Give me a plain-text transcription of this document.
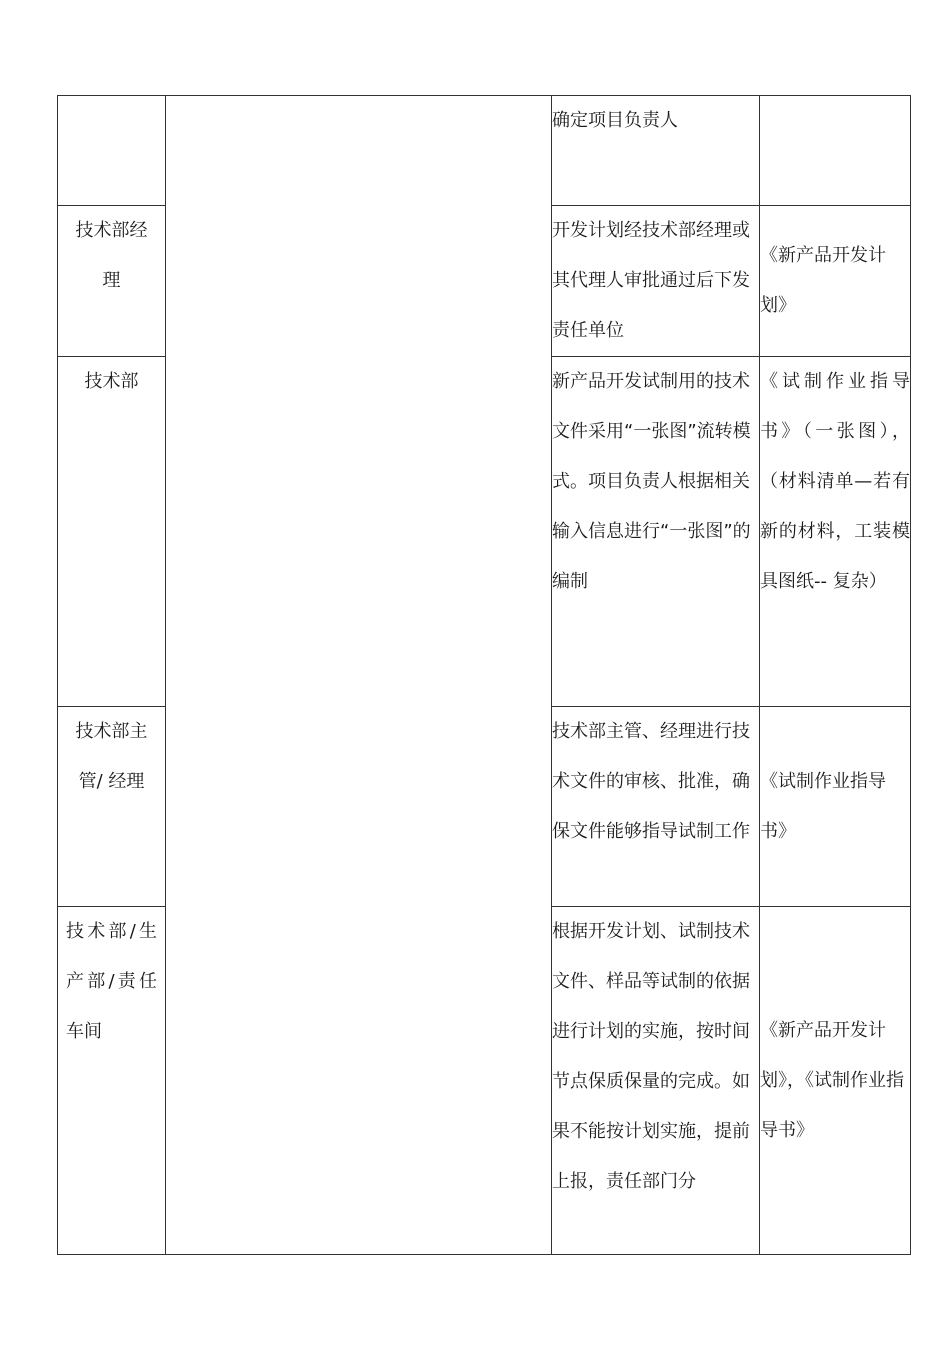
		确定项目负责人	

技术部经理		开发计划经技术部经理或其代理人审批通过后下发责任单位	《新产品开发计划》

技术部		新产品开发试制用的技术文件采用“一张图”流转模式。项目负责人根据相关输入信息进行“一张图”的编制	《试制作业指导书》（一张图），（材料清单—若有新的材料，工装模具图纸-- 复杂）

技术部主管/ 经理		技术部主管、经理进行技术文件的审核、批准，确保文件能够指导试制工作	《试制作业指导书》

技术部/生产部/责任车间		根据开发计划、试制技术文件、样品等试制的依据进行计划的实施，按时间节点保质保量的完成。如果不能按计划实施，提前上报，责任部门分	《新产品开发计划》，《试制作业指导书》
